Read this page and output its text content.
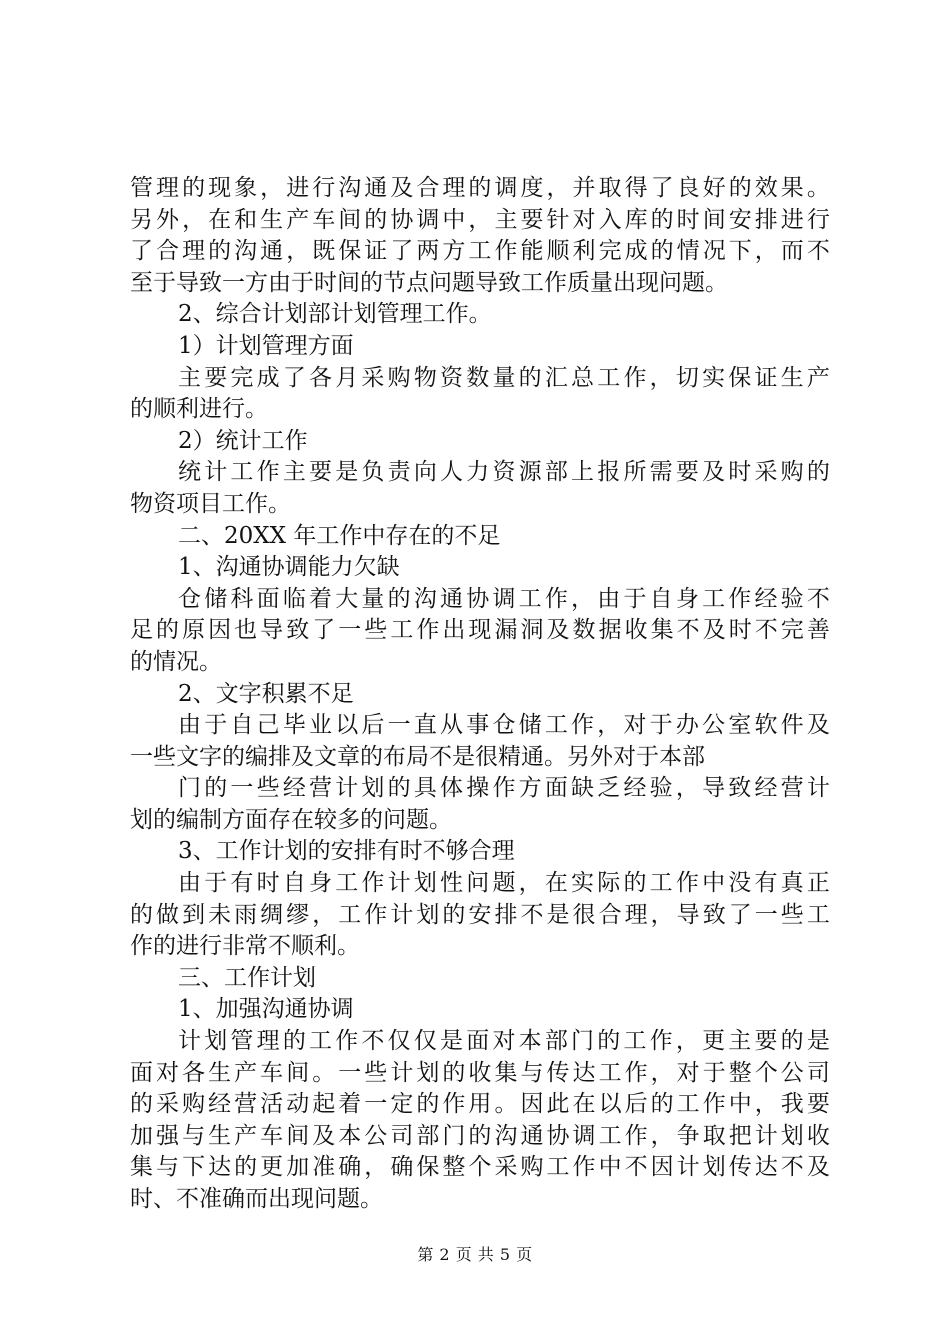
管 理 的 现 象 ， 进 行 沟 通 及 合 理 的 调 度 ， 并 取 得 了 良 好 的 效 果 。
另 外 ， 在 和 生 产 车 间 的 协 调 中 ， 主 要 针 对 入 库 的 时 间 安 排 进 行
了 合 理 的 沟 通 ， 既 保 证 了 两 方 工 作 能 顺 利 完 成 的 情 况 下 ， 而 不
至于导致一方由于时间的节点问题导致工作质量出现问题。
2、综合计划部计划管理工作。
1）计划管理方面
主 要 完 成 了 各 月 采 购 物 资 数 量 的 汇 总 工 作 ， 切 实 保 证 生 产
的顺利进行。
2）统计工作
统 计 工 作 主 要 是 负 责 向 人 力 资 源 部 上 报 所 需 要 及 时 采 购 的
物资项目工作。
二、20XX 年工作中存在的不足
1、沟通协调能力欠缺
仓 储 科 面 临 着 大 量 的 沟 通 协 调 工 作 ， 由 于 自 身 工 作 经 验 不
足 的 原 因 也 导 致 了 一 些 工 作 出 现 漏 洞 及 数 据 收 集 不 及 时 不 完 善
的情况。
2、文字积累不足
由 于 自 己 毕 业 以 后 一 直 从 事 仓 储 工 作 ， 对 于 办 公 室 软 件 及
一些文字的编排及文章的布局不是很精通。另外对于本部
门 的 一 些 经 营 计 划 的 具 体 操 作 方 面 缺 乏 经 验 ， 导 致 经 营 计
划的编制方面存在较多的问题。
3、工作计划的安排有时不够合理
由 于 有 时 自 身 工 作 计 划 性 问 题 ， 在 实 际 的 工 作 中 没 有 真 正
的 做 到 未 雨 绸 缪 ， 工 作 计 划 的 安 排 不 是 很 合 理 ， 导 致 了 一 些 工
作的进行非常不顺利。
三、工作计划
1、加强沟通协调
计 划 管 理 的 工 作 不 仅 仅 是 面 对 本 部 门 的 工 作 ， 更 主 要 的 是
面 对 各 生 产 车 间 。 一 些 计 划 的 收 集 与 传 达 工 作 ， 对 于 整 个 公 司
的 采 购 经 营 活 动 起 着 一 定 的 作 用 。 因 此 在 以 后 的 工 作 中 ， 我 要
加 强 与 生 产 车 间 及 本 公 司 部 门 的 沟 通 协 调 工 作 ， 争 取 把 计 划 收
集 与 下 达 的 更 加 准 确 ， 确 保 整 个 采 购 工 作 中 不 因 计 划 传 达 不 及
时、不准确而出现问题。
第 2 页 共 5 页
